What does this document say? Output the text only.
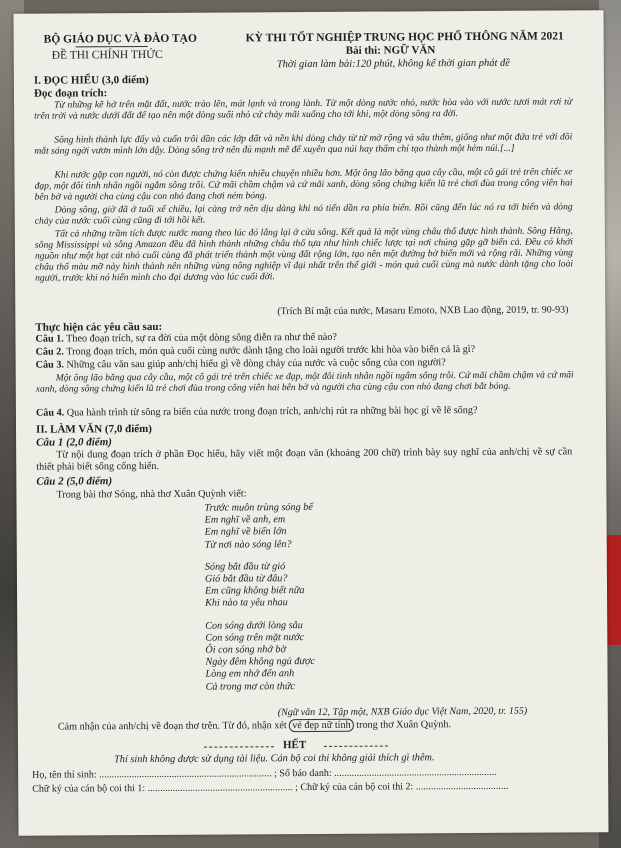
BỘ GIÁO DỤC VÀ ĐÀO TẠO
ĐỀ THI CHÍNH THỨC
KỲ THI TỐT NGHIỆP TRUNG HỌC PHỔ THÔNG NĂM 2021
Bài thi: NGỮ VĂN
Thời gian làm bài:120 phút, không kể thời gian phát đề
I. ĐỌC HIỂU (3,0 điểm)
Đọc đoạn trích:
Từ những kẽ hở trên mặt đất, nước trào lên, mát lạnh và trong lành. Từ một dòng nước nhỏ, nước hòa vào với nước tươi mát rơi từ trên trời và nước dưới đất để tạo nên một dòng suối nhỏ cứ chảy mãi xuống cho tới khi, một dòng sông ra đời.
Sông hình thành lực đẩy và cuốn trôi dần các lớp đất và nền khi dòng chảy từ từ mở rộng và sâu thêm, giống như một đứa trẻ với đôi mắt sáng ngời vươn mình lớn dậy. Dòng sông trở nên đủ mạnh mẽ để xuyên qua núi hay thẩm chí tạo thành một hẻm núi.[...]
Khi nước gặp con người, nó còn được chứng kiến nhiều chuyện nhiều hơn. Một ông lão băng qua cây cầu, một cô gái trẻ trên chiếc xe đạp, một đôi tình nhân ngồi ngắm sông trôi. Cứ mãi chầm chậm và cứ mãi xanh, dòng sông chứng kiến lũ trẻ chơi đùa trong công viên hai bên bờ và người cha cùng cậu con nhỏ đang chơi ném bóng.
Dòng sông, giờ đã ở tuổi xế chiều, lại càng trở nên dịu dàng khi nó tiến dần ra phía biển. Rồi cũng đến lúc nó ra tới biển và dòng chảy của nước cuối cùng cũng đi tới hồi kết.
Tất cả những trầm tích được nước mang theo lúc đó lắng lại ở cửa sông. Kết quả là một vùng châu thổ được hình thành. Sông Hằng, sông Mississippi và sông Amazon đều đã hình thành những châu thổ tựa như hình chiếc lược tại nơi chúng gặp gỡ biển cả. Đều có khởi nguồn như một hạt cát nhỏ cuối cùng đã phát triển thành một vùng đất rộng lớn, tạo nên một đường bờ biển mới và rộng rãi. Những vùng châu thổ màu mỡ này hình thành nên những vùng nông nghiệp vĩ đại nhất trên thế giới - món quà cuối cùng mà nước dành tặng cho loài người, trước khi nó hiến mình cho đại dương vào lúc cuối đời.
(Trích Bí mật của nước, Masaru Emoto, NXB Lao động, 2019, tr. 90-93)
Thực hiện các yêu cầu sau:
Câu 1. Theo đoạn trích, sự ra đời của một dòng sông diễn ra như thế nào?
Câu 2. Trong đoạn trích, món quà cuối cùng nước dành tặng cho loài người trước khi hòa vào biển cả là gì?
Câu 3. Những câu văn sau giúp anh/chị hiểu gì về dòng chảy của nước và cuộc sống của con người?
Một ông lão băng qua cây cầu, một cô gái trẻ trên chiếc xe đạp, một đôi tình nhân ngồi ngắm sông trôi. Cứ mãi chầm chậm và cứ mãi xanh, dòng sông chứng kiến lũ trẻ chơi đùa trong công viên hai bên bờ và người cha cùng cậu con nhỏ đang chơi bắt bóng.
Câu 4. Qua hành trình từ sông ra biển của nước trong đoạn trích, anh/chị rút ra những bài học gì về lẽ sống?
II. LÀM VĂN (7,0 điểm)
Câu 1 (2,0 điểm)
Từ nội dung đoạn trích ở phần Đọc hiểu, hãy viết một đoạn văn (khoảng 200 chữ) trình bày suy nghĩ của anh/chị về sự cần thiết phải biết sống cống hiến.
Câu 2 (5,0 điểm)
Trong bài thơ Sóng, nhà thơ Xuân Quỳnh viết:
Trước muôn trùng sóng bể
Em nghĩ về anh, em
Em nghĩ về biển lớn
Từ nơi nào sóng lên?
Sóng bắt đầu từ gió
Gió bắt đầu từ đâu?
Em cũng không biết nữa
Khi nào ta yêu nhau
Con sóng dưới lòng sâu
Con sóng trên mặt nước
Ôi con sóng nhớ bờ
Ngày đêm không ngủ được
Lòng em nhớ đến anh
Cả trong mơ còn thức
(Ngữ văn 12, Tập một, NXB Giáo dục Việt Nam, 2020, tr. 155)
Cảm nhận của anh/chị về đoạn thơ trên. Từ đó, nhận xét vẻ đẹp nữ tính trong thơ Xuân Quỳnh.
HẾT
Thí sinh không được sử dụng tài liệu. Cán bộ coi thi không giải thích gì thêm.
Họ, tên thí sinh: ..................................................................... ; Số báo danh: .................................................................
Chữ ký của cán bộ coi thi 1: .......................................................... ; Chữ ký của cán bộ coi thi 2: .....................................
